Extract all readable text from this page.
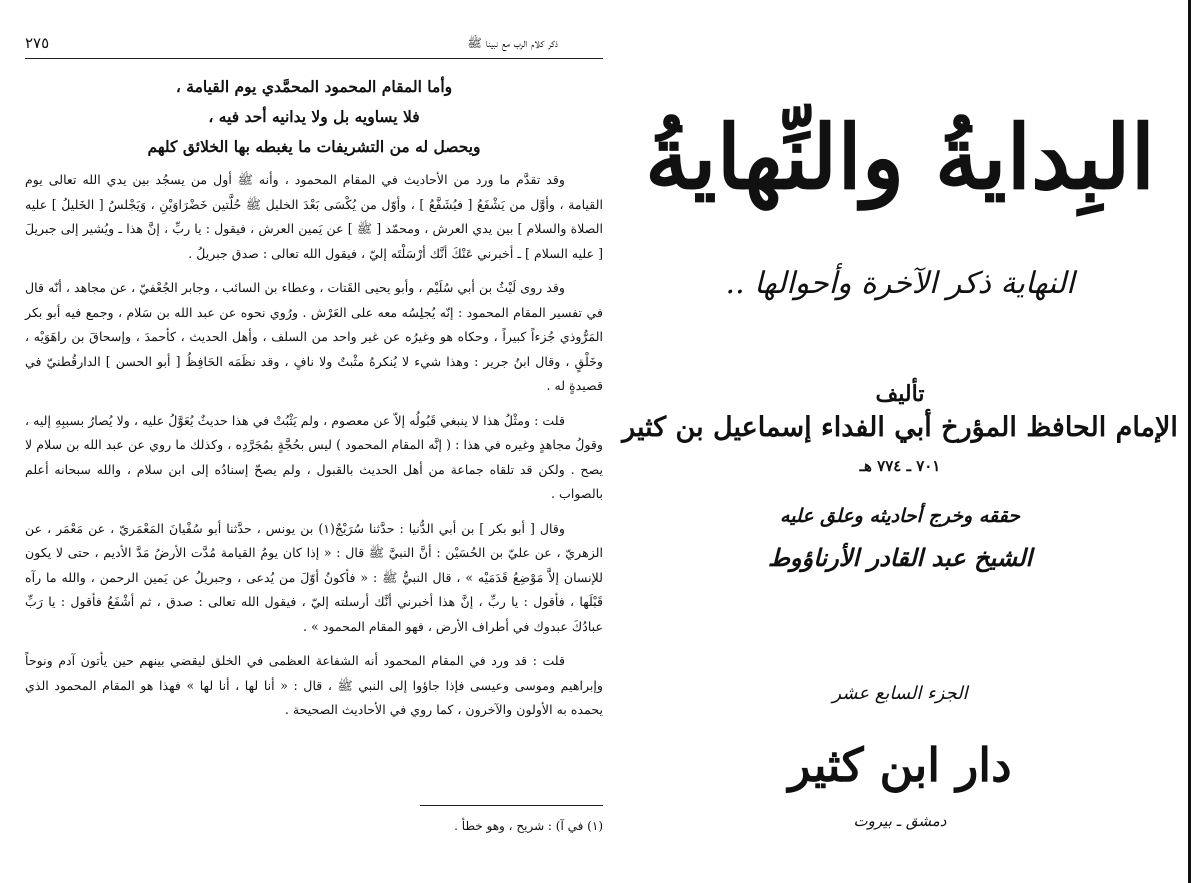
٢٧٥	ذكر كلام الرب مع نبينا ﷺ
وأما المقام المحمود المحمَّدي يوم القيامة ،
فلا يساويه بل ولا يدانيه أحد فيه ،
ويحصل له من التشريفات ما يغبطه بها الخلائق كلهم

وقد تقدَّم ما ورد من الأحاديث في المقام المحمود ، وأنه ﷺ أول من يسجُد بين يدي الله تعالى يوم القيامة ، وأوَّل من يَشْفَعُ [ فيُشَفَّعُ ] ، وأوّل من يُكْسَى بَعْدَ الخليل ﷺ حُلَّتين خَضْرَاوَيْنِ ، وَيَجْلسُ [ الخَليلُ ] عليه الصلاة والسلام ] بين يدي العرش ، ومحمّد [ ﷺ ] عن يَمين العرش ، فيقول : يا ربِّ ، إنَّ هذا ـ ويُشير إلى جبريلَ [ عليه السلام ] ـ أخبرني عَنْكَ أنَّك أرْسَلْتَه إليّ ، فيقول الله تعالى : صدق جبريلُ .

وقد روى لَيْثُ بن أبي سُلَيْم ، وأبو يحيى القَتات ، وعطاء بن السائب ، وجابر الجُعْفيّ ، عن مجاهد ، أنّه قال في تفسير المقام المحمود : إنّه يُجلِسُه معه على العَرْش . ورُوي نحوه عن عبد الله بن سَلام ، وجمع فيه أبو بكر المَرُّوذي جُزءاً كبيراً ، وحكاه هو وغيرُه عن غير واحد من السلف ، وأهل الحديث ، كأحمدَ ، وإسحاقَ بن راهَوَيْه ، وخَلْقٍ ، وقال ابنُ جرير : وهذا شيء لا يُنكرهُ مثْبتٌ ولا نافٍ ، وقد نظَمَه الحَافِظُ [ أبو الحسن ] الدارقُطنيّ في قصيدةٍ له .

قلت : ومثْلُ هذا لا ينبغي قَبُولُه إلاّ عن معصوم ، ولم يَثْبُتْ في هذا حديثٌ يُعَوَّلُ عليه ، ولا يُصارُ بسببِهِ إليه ، وقولُ مجاهدٍ وغيره في هذا : ( إنَّه المقام المحمود ) ليس بحُجَّةٍ بمُجَرَّدِه ، وكذلك ما روي عن عبد الله بن سلام لا يصح . ولكن قد تلقاه جماعة من أهل الحديث بالقبول ، ولم يصحّ إسنادُه إلى ابن سلام ، والله سبحانه أعلم بالصواب .

وقال [ أبو بكر ] بن أبي الدُّنيا : حدَّثنا سُرَيْجٌ(١) بن يونس ، حدَّثنا أبو سُفْيانَ المَعْمَريّ ، عن مَعْمَر ، عن الزهريّ ، عن عليّ بن الحُسَيْن : أنَّ النبيَّ ﷺ قال : « إذا كان يومُ القيامة مُدَّت الأرضُ مَدَّ الأديم ، حتى لا يكون للإنسان إلاَّ مَوْضِعُ قَدَمَيْه » ، قال النبيُّ ﷺ : « فأكونُ أوّلَ من يُدعى ، وجبريلُ عن يَمين الرحمن ، والله ما رآه قَبْلَها ، فأقول : يا ربِّ ، إنَّ هذا أخبرني أنَّك أرسلته إليّ ، فيقول الله تعالى : صدق ، ثم أشْفَعُ فأقول : يا رَبِّ عبادُكَ عبدوك في أطراف الأرض ، فهو المقام المحمود » .

قلت : قد ورد في المقام المحمود أنه الشفاعة العظمى في الخلق ليقضي بينهم حين يأتون آدم ونوحاً وإبراهيم وموسى وعيسى فإذا جاؤوا إلى النبي ﷺ ، قال : « أنا لها ، أنا لها » فهذا هو المقام المحمود الذي يحمده به الأولون والآخرون ، كما روي في الأحاديث الصحيحة .

(١) في آ) : شريح ، وهو خطأ .
البِدايةُ والنِّهايةُ
النهاية ذكر الآخرة وأحوالها ..
تأليف
الإمام الحافظ المؤرخ أبي الفداء إسماعيل بن كثير
٧٠١ ـ ٧٧٤ هـ
حققه وخرج أحاديثه وعلق عليه
الشيخ عبد القادر الأرناؤوط
الجزء السابع عشر
دار ابن كثير
دمشق ـ بيروت
